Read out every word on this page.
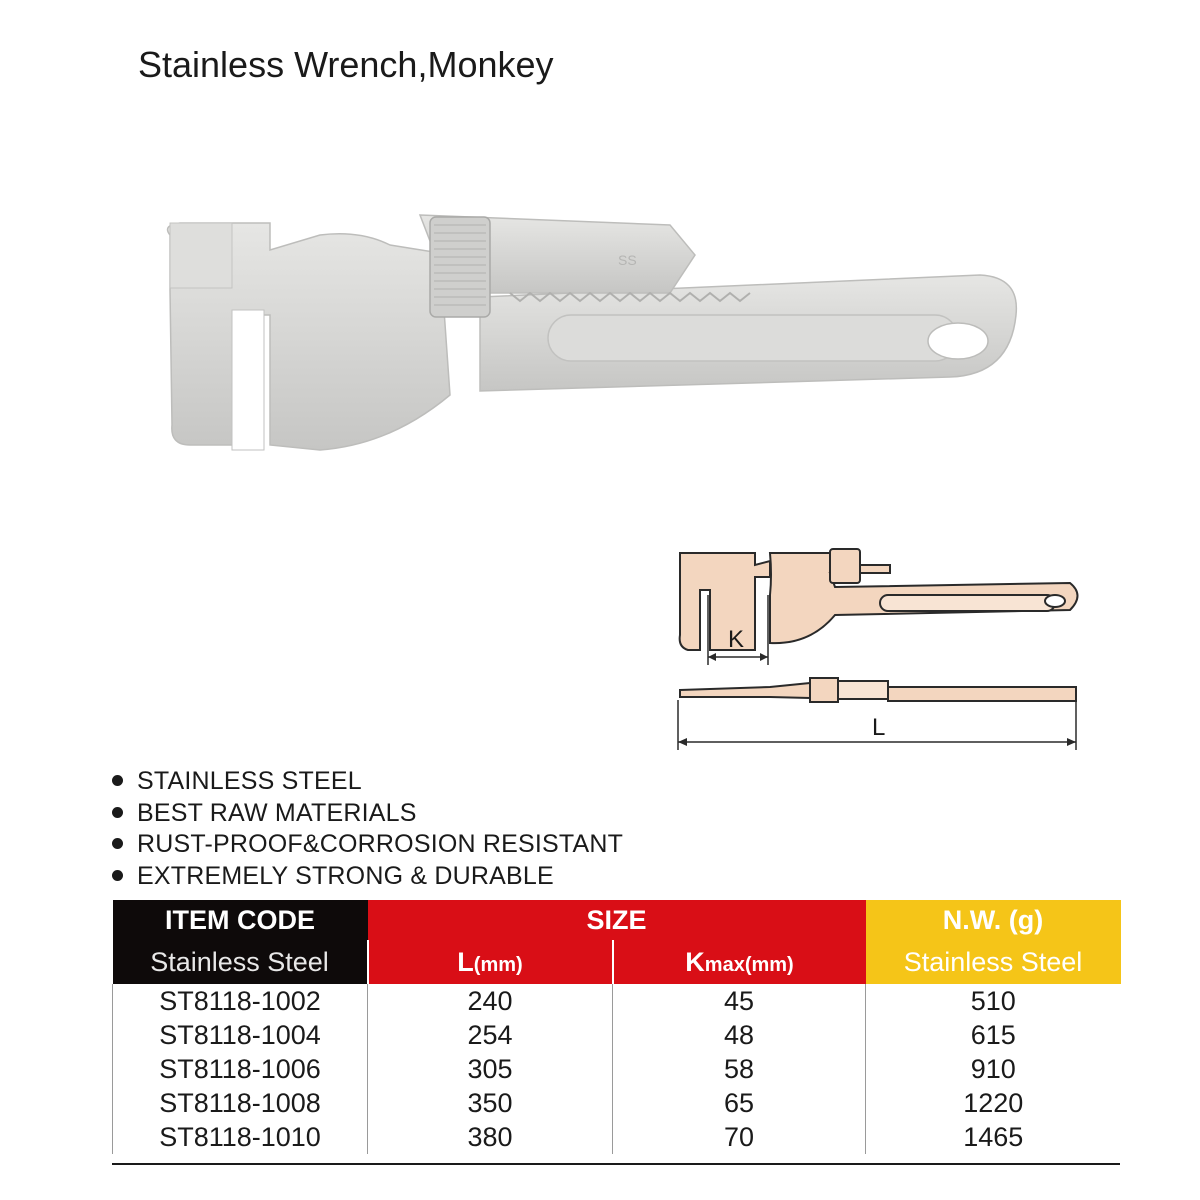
Stainless Wrench,Monkey
SS
K
L
STAINLESS STEEL
BEST RAW MATERIALS
RUST-PROOF&CORROSION RESISTANT
EXTREMELY STRONG & DURABLE
ITEM CODE	SIZE		N.W. (g)
Stainless Steel	L(mm)	Kmax(mm)	Stainless Steel
ST8118-1002	240	45	510
ST8118-1004	254	48	615
ST8118-1006	305	58	910
ST8118-1008	350	65	1220
ST8118-1010	380	70	1465
